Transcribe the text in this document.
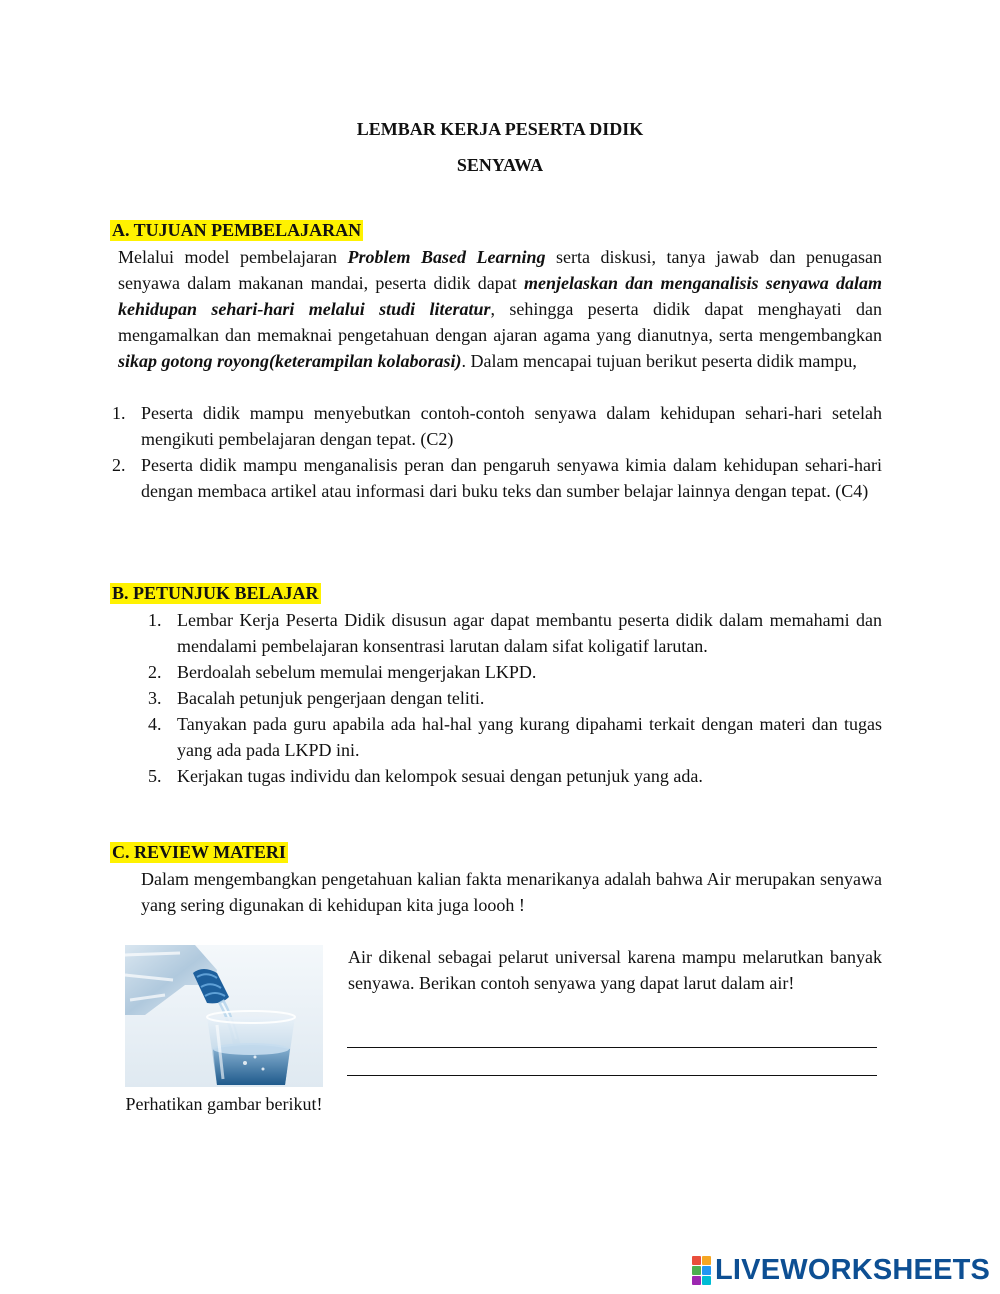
LEMBAR KERJA PESERTA DIDIK
SENYAWA
A. TUJUAN PEMBELAJARAN
Melalui model pembelajaran Problem Based Learning serta diskusi, tanya jawab dan penugasan senyawa dalam makanan mandai, peserta didik dapat menjelaskan dan menganalisis senyawa dalam kehidupan sehari-hari melalui studi literatur, sehingga peserta didik dapat menghayati dan mengamalkan dan memaknai pengetahuan dengan ajaran agama yang dianutnya, serta mengembangkan sikap gotong royong(keterampilan kolaborasi). Dalam mencapai tujuan berikut peserta didik mampu,
1. Peserta didik mampu menyebutkan contoh-contoh senyawa dalam kehidupan sehari-hari setelah mengikuti pembelajaran dengan tepat. (C2)
2. Peserta didik mampu menganalisis peran dan pengaruh senyawa kimia dalam kehidupan sehari-hari dengan membaca artikel atau informasi dari buku teks dan sumber belajar lainnya dengan tepat. (C4)
B. PETUNJUK BELAJAR
1. Lembar Kerja Peserta Didik disusun agar dapat membantu peserta didik dalam memahami dan mendalami pembelajaran konsentrasi larutan dalam sifat koligatif larutan.
2. Berdoalah sebelum memulai mengerjakan LKPD.
3. Bacalah petunjuk pengerjaan dengan teliti.
4. Tanyakan pada guru apabila ada hal-hal yang kurang dipahami terkait dengan materi dan tugas yang ada pada LKPD ini.
5. Kerjakan tugas individu dan kelompok sesuai dengan petunjuk yang ada.
C. REVIEW MATERI
Dalam mengembangkan pengetahuan kalian fakta menarikanya adalah bahwa Air merupakan senyawa yang sering digunakan di kehidupan kita juga loooh !
Perhatikan gambar berikut!
Air dikenal sebagai pelarut universal karena mampu melarutkan banyak senyawa. Berikan contoh senyawa yang dapat larut dalam air!
LIVEWORKSHEETS
